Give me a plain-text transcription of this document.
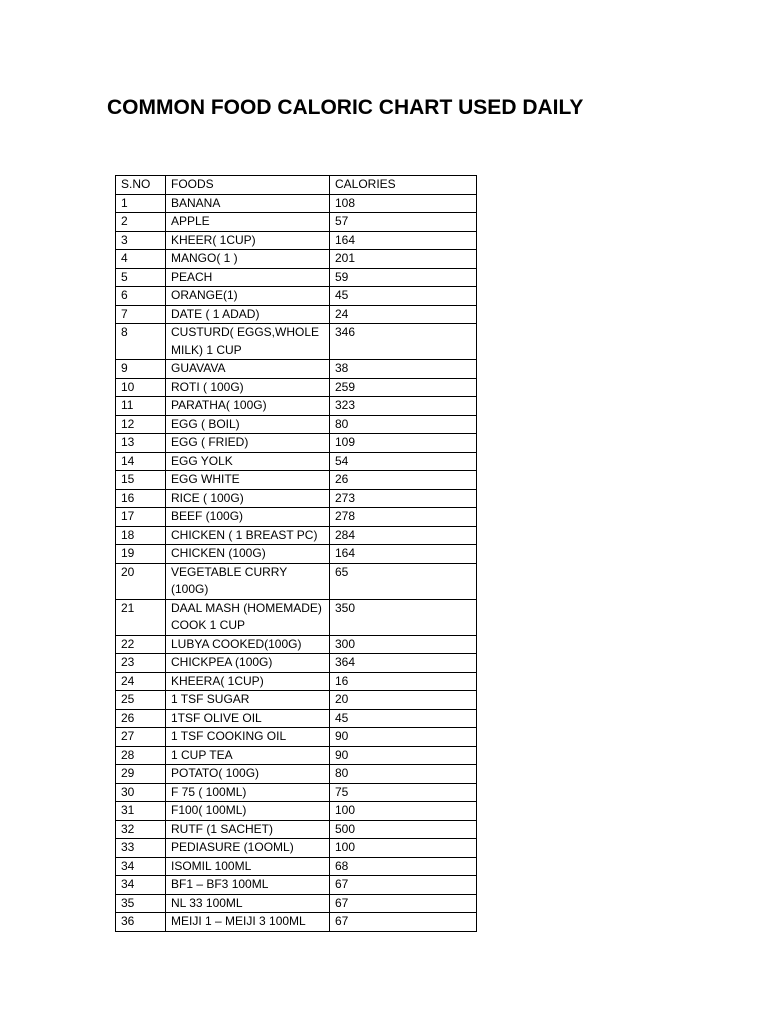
COMMON FOOD CALORIC CHART USED DAILY
S.NO	FOODS	CALORIES
1	BANANA	108
2	APPLE	57
3	KHEER( 1CUP)	164
4	MANGO( 1 )	201
5	PEACH	59
6	ORANGE(1)	45
7	DATE ( 1 ADAD)	24
8	CUSTURD( EGGS,WHOLE MILK) 1 CUP	346
9	GUAVAVA	38
10	ROTI ( 100G)	259
11	PARATHA( 100G)	323
12	EGG ( BOIL)	80
13	EGG ( FRIED)	109
14	EGG YOLK	54
15	EGG WHITE	26
16	RICE ( 100G)	273
17	BEEF (100G)	278
18	CHICKEN ( 1 BREAST PC)	284
19	CHICKEN (100G)	164
20	VEGETABLE CURRY (100G)	65
21	DAAL MASH (HOMEMADE) COOK 1 CUP	350
22	LUBYA COOKED(100G)	300
23	CHICKPEA (100G)	364
24	KHEERA( 1CUP)	16
25	1 TSF SUGAR	20
26	1TSF OLIVE OIL	45
27	1 TSF COOKING OIL	90
28	1 CUP TEA	90
29	POTATO( 100G)	80
30	F 75 ( 100ML)	75
31	F100( 100ML)	100
32	RUTF (1 SACHET)	500
33	PEDIASURE (1OOML)	100
34	ISOMIL 100ML	68
34	BF1 – BF3 100ML	67
35	NL 33 100ML	67
36	MEIJI 1 – MEIJI 3 100ML	67
